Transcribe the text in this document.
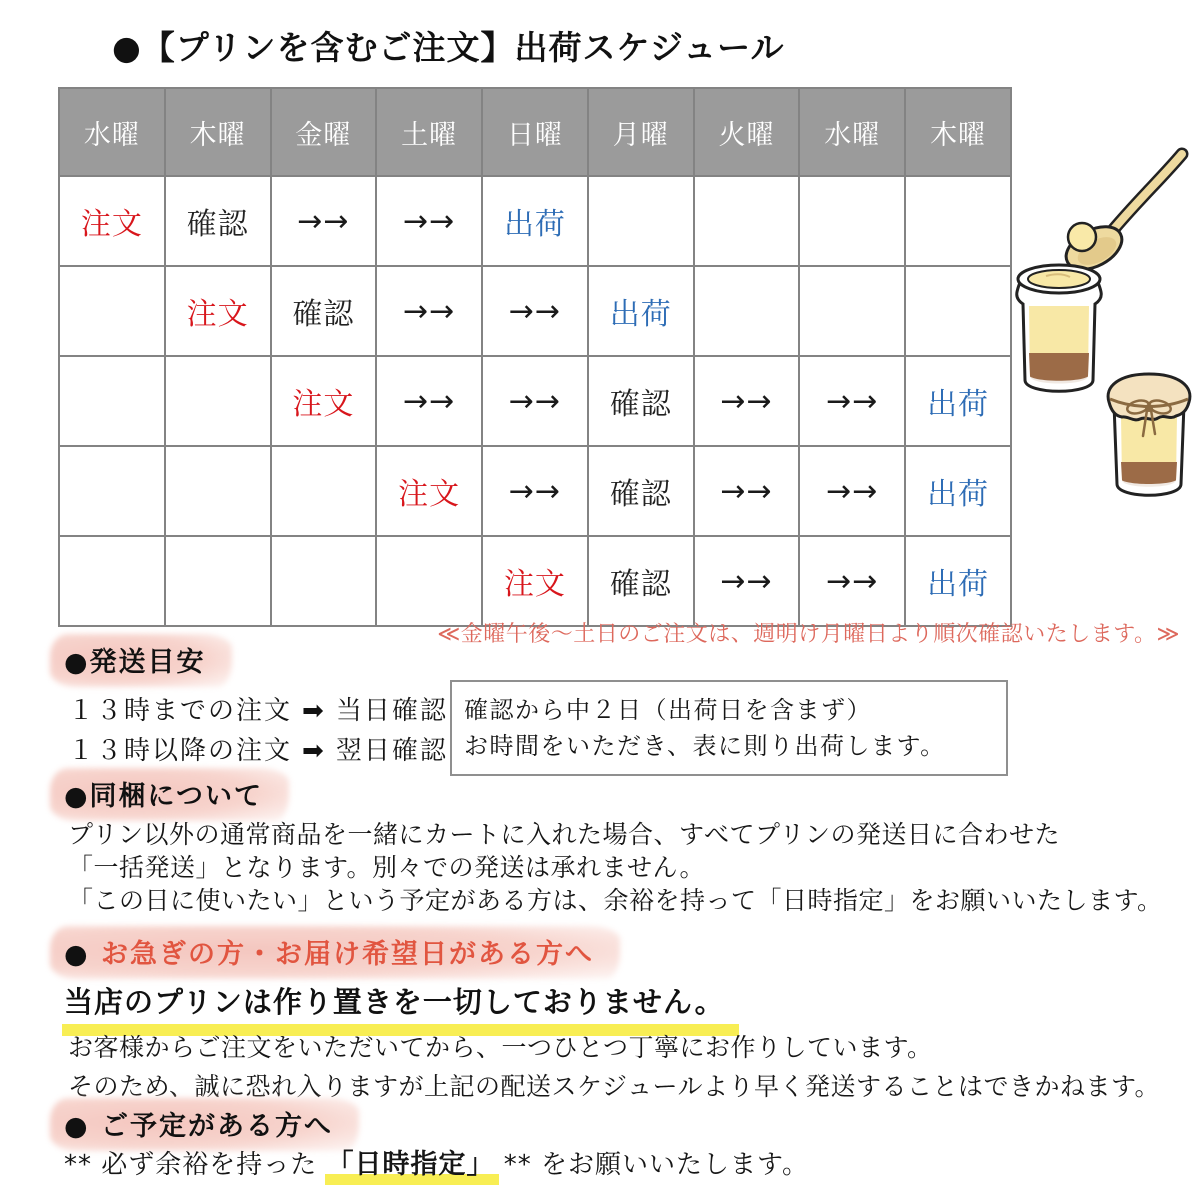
●【プリンを含むご注文】出荷スケジュール
水曜	木曜	金曜	土曜	日曜	月曜	火曜	水曜	木曜
注文	確認	→→	→→	出荷				
	注文	確認	→→	→→	出荷			
		注文	→→	→→	確認	→→	→→	出荷
			注文	→→	確認	→→	→→	出荷
				注文	確認	→→	→→	出荷
≪金曜午後〜土日のご注文は、週明け月曜日より順次確認いたします。≫
●発送目安
１３時までの注文 ➡ 当日確認
１３時以降の注文 ➡ 翌日確認
確認から中２日（出荷日を含まず）
お時間をいただき、表に則り出荷します。
●同梱について
プリン以外の通常商品を一緒にカートに入れた場合、すべてプリンの発送日に合わせた
「一括発送」となります。別々での発送は承れません。
「この日に使いたい」という予定がある方は、余裕を持って「日時指定」をお願いいたします。
● お急ぎの方・お届け希望日がある方へ
当店のプリンは作り置きを一切しておりません。
お客様からご注文をいただいてから、一つひとつ丁寧にお作りしています。
そのため、誠に恐れ入りますが上記の配送スケジュールより早く発送することはできかねます。
● ご予定がある方へ
** 必ず余裕を持った 「日時指定」 ** をお願いいたします。
